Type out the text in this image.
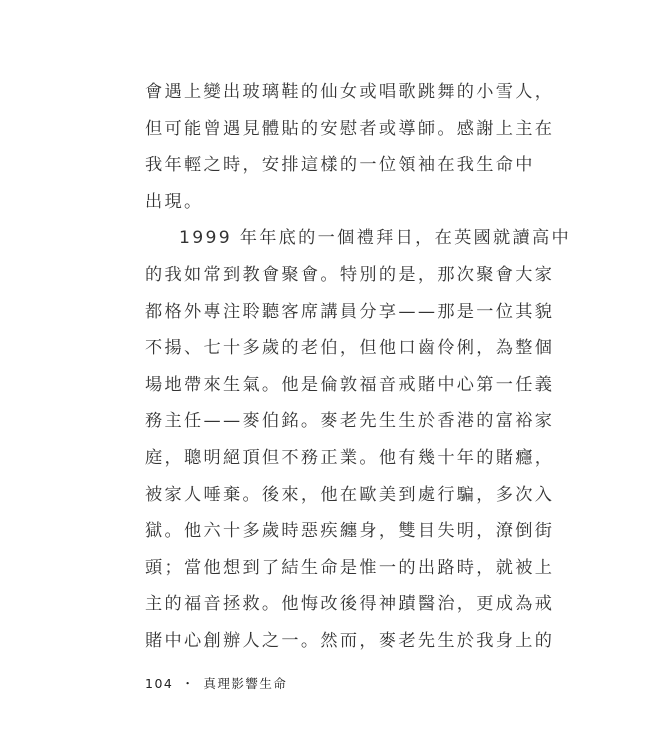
會遇上變出玻璃鞋的仙女或唱歌跳舞的小雪人，
但可能曾遇見體貼的安慰者或導師。感謝上主在
我年輕之時，安排這樣的一位領袖在我生命中
出現。
1999 年年底的一個禮拜日，在英國就讀高中
的我如常到教會聚會。特別的是，那次聚會大家
都格外專注聆聽客席講員分享——那是一位其貌
不揚、七十多歲的老伯，但他口齒伶俐，為整個
場地帶來生氣。他是倫敦福音戒賭中心第一任義
務主任——麥伯銘。麥老先生生於香港的富裕家
庭，聰明絕頂但不務正業。他有幾十年的賭癮，
被家人唾棄。後來，他在歐美到處行騙，多次入
獄。他六十多歲時惡疾纏身，雙目失明，潦倒街
頭；當他想到了結生命是惟一的出路時，就被上
主的福音拯救。他悔改後得神蹟醫治，更成為戒
賭中心創辦人之一。然而，麥老先生於我身上的
104 ・ 真理影響生命
